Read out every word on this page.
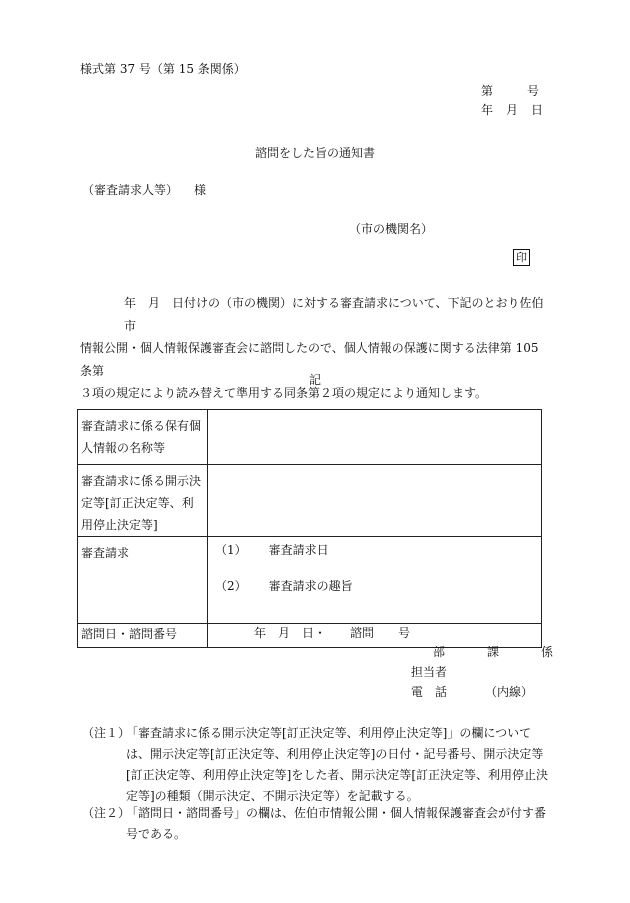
様式第 37 号（第 15 条関係）
第	号
年 月 日
諮問をした旨の通知書
（審査請求人等） 様
（市の機関名）
印
年　月　日付けの（市の機関）に対する審査請求について、下記のとおり佐伯市
情報公開・個人情報保護審査会に諮問したので、個人情報の保護に関する法律第 105 条第
３項の規定により読み替えて準用する同条第２項の規定により通知します。
記
審査請求に係る保有個人情報の名称等	
審査請求に係る開示決定等[訂正決定等、利用停止決定等]	
審査請求	（1） 審査請求日
（2） 審査請求の趣旨

諮問日・諮問番号	年　月　日・　　諮問　　号
部	課	係
担当者
電　話	（内線）
（注１）
「審査請求に係る開示決定等[訂正決定等、利用停止決定等]」の欄については、開示決定等[訂正決定等、利用停止決定等]の日付・記号番号、開示決定等[訂正決定等、利用停止決定等]をした者、開示決定等[訂正決定等、利用停止決定等]の種類（開示決定、不開示決定等）を記載する。
（注２）
「諮問日・諮問番号」の欄は、佐伯市情報公開・個人情報保護審査会が付す番号である。
